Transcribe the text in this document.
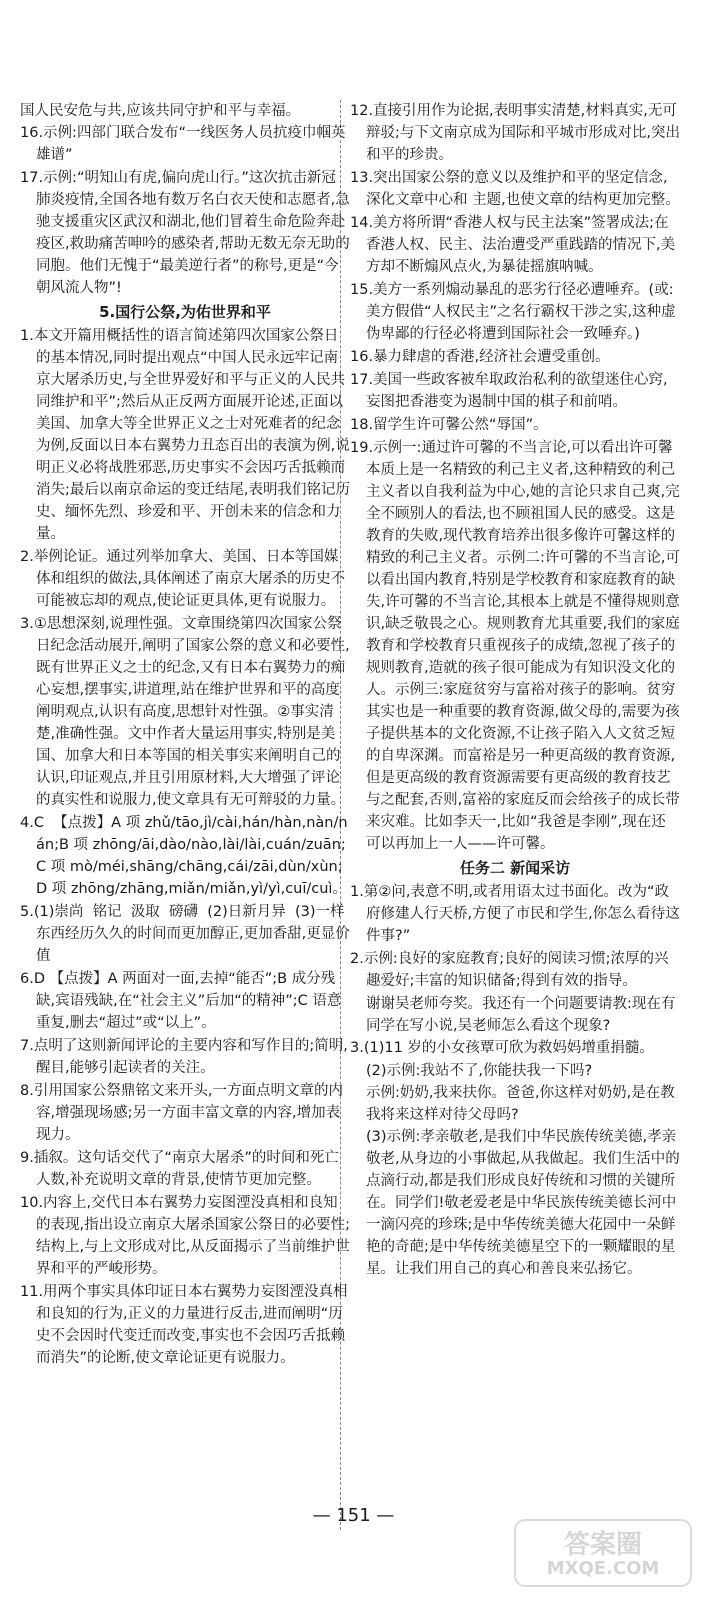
国人民安危与共,应该共同守护和平与幸福。
16.示例:四部门联合发布“一线医务人员抗疫巾帼英雄谱”
17.示例:“明知山有虎,偏向虎山行。”这次抗击新冠肺炎疫情,全国各地有数万名白衣天使和志愿者,急驰支援重灾区武汉和湖北,他们冒着生命危险奔赴疫区,救助痛苦呻吟的感染者,帮助无数无奈无助的同胞。他们无愧于“最美逆行者”的称号,更是“今朝风流人物”!
5.国行公祭,为佑世界和平
1.本文开篇用概括性的语言简述第四次国家公祭日的基本情况,同时提出观点“中国人民永远牢记南京大屠杀历史,与全世界爱好和平与正义的人民共同维护和平”;然后从正反两方面展开论述,正面以美国、加拿大等全世界正义之士对死难者的纪念为例,反面以日本右翼势力丑态百出的表演为例,说明正义必将战胜邪恶,历史事实不会因巧舌抵赖而消失;最后以南京命运的变迁结尾,表明我们铭记历史、缅怀先烈、珍爱和平、开创未来的信念和力量。
2.举例论证。通过列举加拿大、美国、日本等国媒体和组织的做法,具体阐述了南京大屠杀的历史不可能被忘却的观点,使论证更具体,更有说服力。
3.①思想深刻,说理性强。文章围绕第四次国家公祭日纪念活动展开,阐明了国家公祭的意义和必要性,既有世界正义之士的纪念,又有日本右翼势力的痴心妄想,摆事实,讲道理,站在维护世界和平的高度阐明观点,认识有高度,思想针对性强。②事实清楚,准确性强。文中作者大量运用事实,特别是美国、加拿大和日本等国的相关事实来阐明自己的认识,印证观点,并且引用原材料,大大增强了评论的真实性和说服力,使文章具有无可辩驳的力量。
4.C  【点拨】A 项 zhǔ/tāo,jì/cài,hán/hàn,nàn/nán;B 项 zhōng/āi,dào/nào,lài/lài,cuán/zuān;C 项 mò/méi,shāng/chāng,cái/zāi,dùn/xùn;D 项 zhōng/zhāng,miǎn/miǎn,yì/yì,cuī/cuì。
5.(1)崇尚  铭记  汲取  磅礴  (2)日新月异  (3)一样东西经历久久的时间而更加醇正,更加香甜,更显价值
6.D 【点拨】A 两面对一面,去掉“能否”;B 成分残缺,宾语残缺,在“社会主义”后加“的精神”;C 语意重复,删去“超过”或“以上”。
7.点明了这则新闻评论的主要内容和写作目的;简明,醒目,能够引起读者的关注。
8.引用国家公祭鼎铭文来开头,一方面点明文章的内容,增强现场感;另一方面丰富文章的内容,增加表现力。
9.插叙。这句话交代了“南京大屠杀”的时间和死亡人数,补充说明文章的背景,使情节更加完整。
10.内容上,交代日本右翼势力妄图湮没真相和良知的表现,指出设立南京大屠杀国家公祭日的必要性;结构上,与上文形成对比,从反面揭示了当前维护世界和平的严峻形势。
11.用两个事实具体印证日本右翼势力妄图湮没真相和良知的行为,正义的力量进行反击,进而阐明“历史不会因时代变迁而改变,事实也不会因巧舌抵赖而消失”的论断,使文章论证更有说服力。
12.直接引用作为论据,表明事实清楚,材料真实,无可辩驳;与下文南京成为国际和平城市形成对比,突出和平的珍贵。
13.突出国家公祭的意义以及维护和平的坚定信念,深化文章中心和 主题,也使文章的结构更加完整。
14.美方将所谓“香港人权与民主法案”签署成法;在香港人权、民主、法治遭受严重践踏的情况下,美方却不断煽风点火,为暴徒摇旗呐喊。
15.美方一系列煽动暴乱的恶劣行径必遭唾弃。(或:美方假借“人权民主”之名行霸权干涉之实,这种虚伪卑鄙的行径必将遭到国际社会一致唾弃。)
16.暴力肆虐的香港,经济社会遭受重创。
17.美国一些政客被牟取政治私利的欲望迷住心窍,妄图把香港变为遏制中国的棋子和前哨。
18.留学生许可馨公然“辱国”。
19.示例一:通过许可馨的不当言论,可以看出许可馨本质上是一名精致的利己主义者,这种精致的利己主义者以自我利益为中心,她的言论只求自己爽,完全不顾别人的看法,也不顾祖国人民的感受。这是教育的失败,现代教育培养出很多像许可馨这样的精致的利己主义者。示例二:许可馨的不当言论,可以看出国内教育,特别是学校教育和家庭教育的缺失,许可馨的不当言论,其根本上就是不懂得规则意识,缺乏敬畏之心。规则教育尤其重要,我们的家庭教育和学校教育只重视孩子的成绩,忽视了孩子的规则教育,造就的孩子很可能成为有知识没文化的人。示例三:家庭贫穷与富裕对孩子的影响。贫穷其实也是一种重要的教育资源,做父母的,需要为孩子提供基本的文化资源,不让孩子陷入人文贫乏短的自卑深渊。而富裕是另一种更高级的教育资源,但是更高级的教育资源需要有更高级的教育技艺与之配套,否则,富裕的家庭反而会给孩子的成长带来灾难。比如李天一,比如“我爸是李刚”,现在还可以再加上一人——许可馨。
任务二 新闻采访
1.第②问,表意不明,或者用语太过书面化。改为“政府修建人行天桥,方便了市民和学生,你怎么看待这件事?”
2.示例:良好的家庭教育;良好的阅读习惯;浓厚的兴趣爱好;丰富的知识储备;得到有效的指导。
谢谢吴老师夸奖。我还有一个问题要请教:现在有同学在写小说,吴老师怎么看这个现象?
3.(1)11 岁的小女孩覃可欣为救妈妈增重捐髓。
(2)示例:我站不了,你能扶我一下吗?
示例:奶奶,我来扶你。爸爸,你这样对奶奶,是在教我将来这样对待父母吗?
(3)示例:孝亲敬老,是我们中华民族传统美德,孝亲敬老,从身边的小事做起,从我做起。我们生活中的点滴行动,都是我们形成良好传统和习惯的关键所在。同学们!敬老爱老是中华民族传统美德长河中一滴闪亮的珍珠;是中华传统美德大花园中一朵鲜艳的奇葩;是中华传统美德星空下的一颗耀眼的星星。让我们用自己的真心和善良来弘扬它。
— 151 —
答案圈
MXQE.COM
